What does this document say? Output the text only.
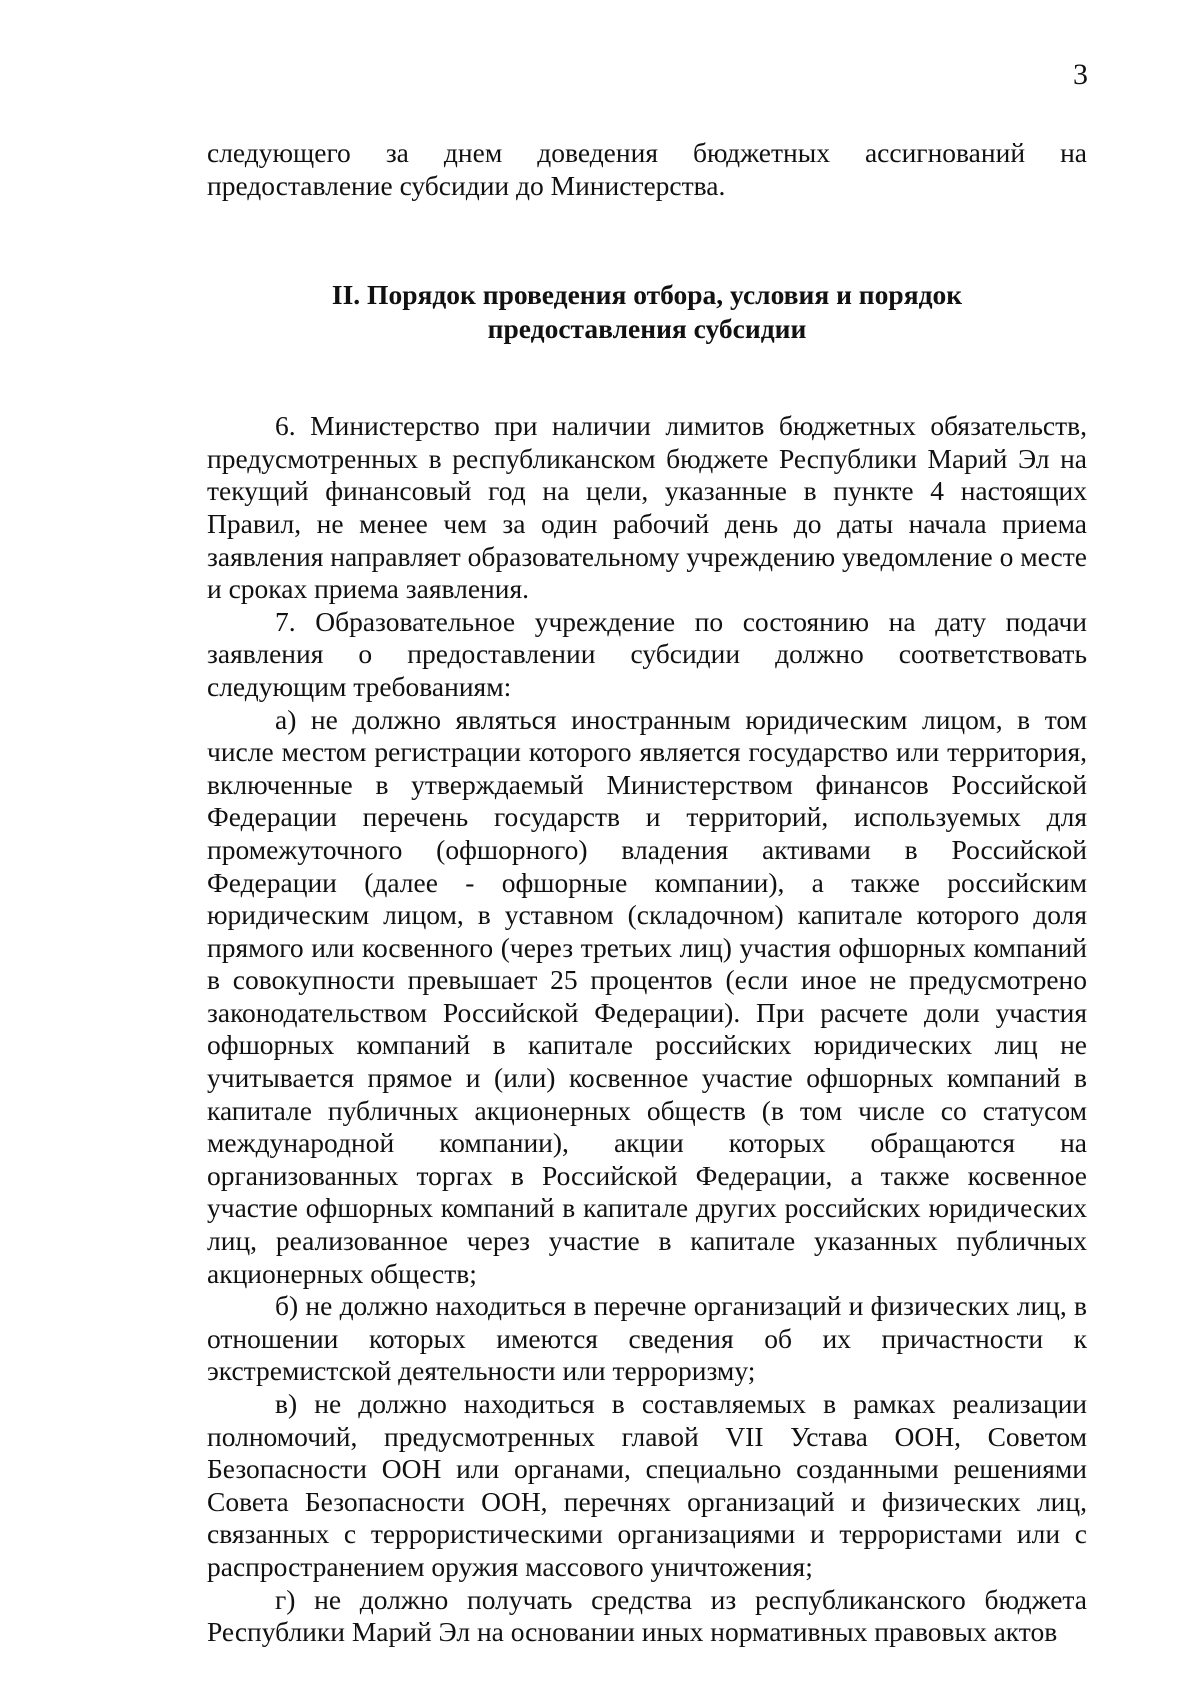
3

следующего за днем доведения бюджетных ассигнований на предоставление субсидии до Министерства.

II. Порядок проведения отбора, условия и порядок
предоставления субсидии

6. Министерство при наличии лимитов бюджетных обязательств, предусмотренных в республиканском бюджете Республики Марий Эл на текущий финансовый год на цели, указанные в пункте 4 настоящих Правил, не менее чем за один рабочий день до даты начала приема заявления направляет образовательному учреждению уведомление о месте и сроках приема заявления.

7. Образовательное учреждение по состоянию на дату подачи заявления о предоставлении субсидии должно соответствовать следующим требованиям:

а) не должно являться иностранным юридическим лицом, в том числе местом регистрации которого является государство или территория, включенные в утверждаемый Министерством финансов Российской Федерации перечень государств и территорий, используемых для промежуточного (офшорного) владения активами в Российской Федерации (далее - офшорные компании), а также российским юридическим лицом, в уставном (складочном) капитале которого доля прямого или косвенного (через третьих лиц) участия офшорных компаний в совокупности превышает 25 процентов (если иное не предусмотрено законодательством Российской Федерации). При расчете доли участия офшорных компаний в капитале российских юридических лиц не учитывается прямое и (или) косвенное участие офшорных компаний в капитале публичных акционерных обществ (в том числе со статусом международной компании), акции которых обращаются на организованных торгах в Российской Федерации, а также косвенное участие офшорных компаний в капитале других российских юридических лиц, реализованное через участие в капитале указанных публичных акционерных обществ;

б) не должно находиться в перечне организаций и физических лиц, в отношении которых имеются сведения об их причастности к экстремистской деятельности или терроризму;

в) не должно находиться в составляемых в рамках реализации полномочий, предусмотренных главой VII Устава ООН, Советом Безопасности ООН или органами, специально созданными решениями Совета Безопасности ООН, перечнях организаций и физических лиц, связанных с террористическими организациями и террористами или с распространением оружия массового уничтожения;

г) не должно получать средства из республиканского бюджета Республики Марий Эл на основании иных нормативных правовых актов
